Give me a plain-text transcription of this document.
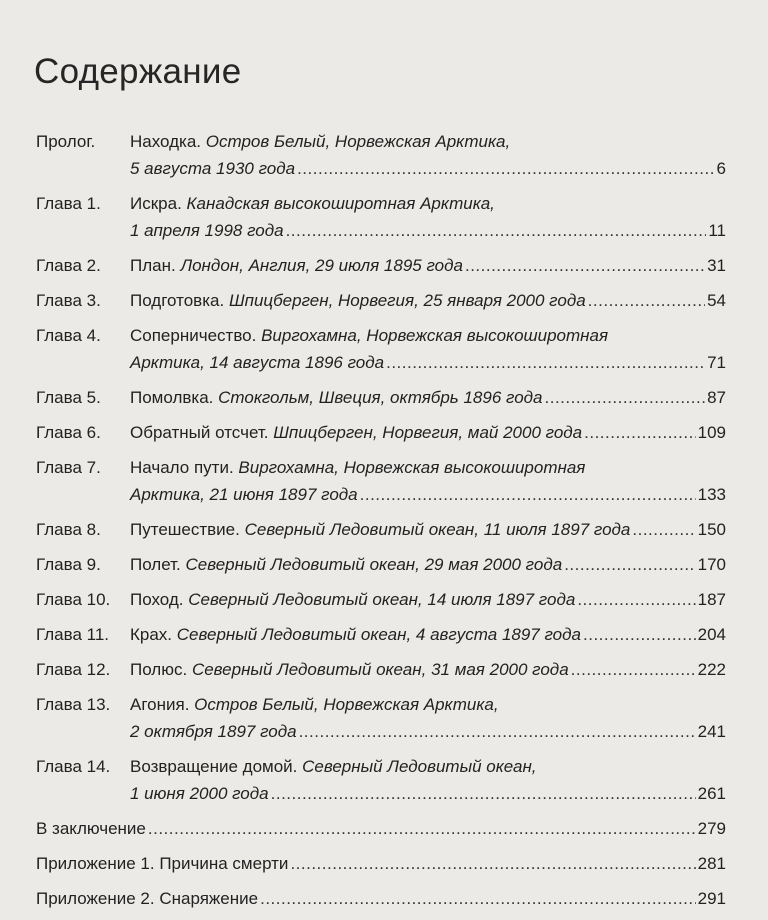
Содержание
Пролог. Находка. Остров Белый, Норвежская Арктика,
5 августа 1930 года .....	6
Глава 1. Искра. Канадская высокоширотная Арктика,
1 апреля 1998 года .....	11
Глава 2. План. Лондон, Англия, 29 июля 1895 года .....	31
Глава 3. Подготовка. Шпицберген, Норвегия, 25 января 2000 года .....	54
Глава 4. Соперничество. Виргохамна, Норвежская высокоширотная
Арктика, 14 августа 1896 года .....	71
Глава 5. Помолвка. Стокгольм, Швеция, октябрь 1896 года .....	87
Глава 6. Обратный отсчет. Шпицберген, Норвегия, май 2000 года .....	109
Глава 7. Начало пути. Виргохамна, Норвежская высокоширотная
Арктика, 21 июня 1897 года .....	133
Глава 8. Путешествие. Северный Ледовитый океан, 11 июля 1897 года .....	150
Глава 9. Полет. Северный Ледовитый океан, 29 мая 2000 года .....	170
Глава 10. Поход. Северный Ледовитый океан, 14 июля 1897 года .....	187
Глава 11. Крах. Северный Ледовитый океан, 4 августа 1897 года .....	204
Глава 12. Полюс. Северный Ледовитый океан, 31 мая 2000 года .....	222
Глава 13. Агония. Остров Белый, Норвежская Арктика,
2 октября 1897 года .....	241
Глава 14. Возвращение домой. Северный Ледовитый океан,
1 июня 2000 года .....	261
В заключение .....	279
Приложение 1. Причина смерти .....	281
Приложение 2. Снаряжение .....	291
